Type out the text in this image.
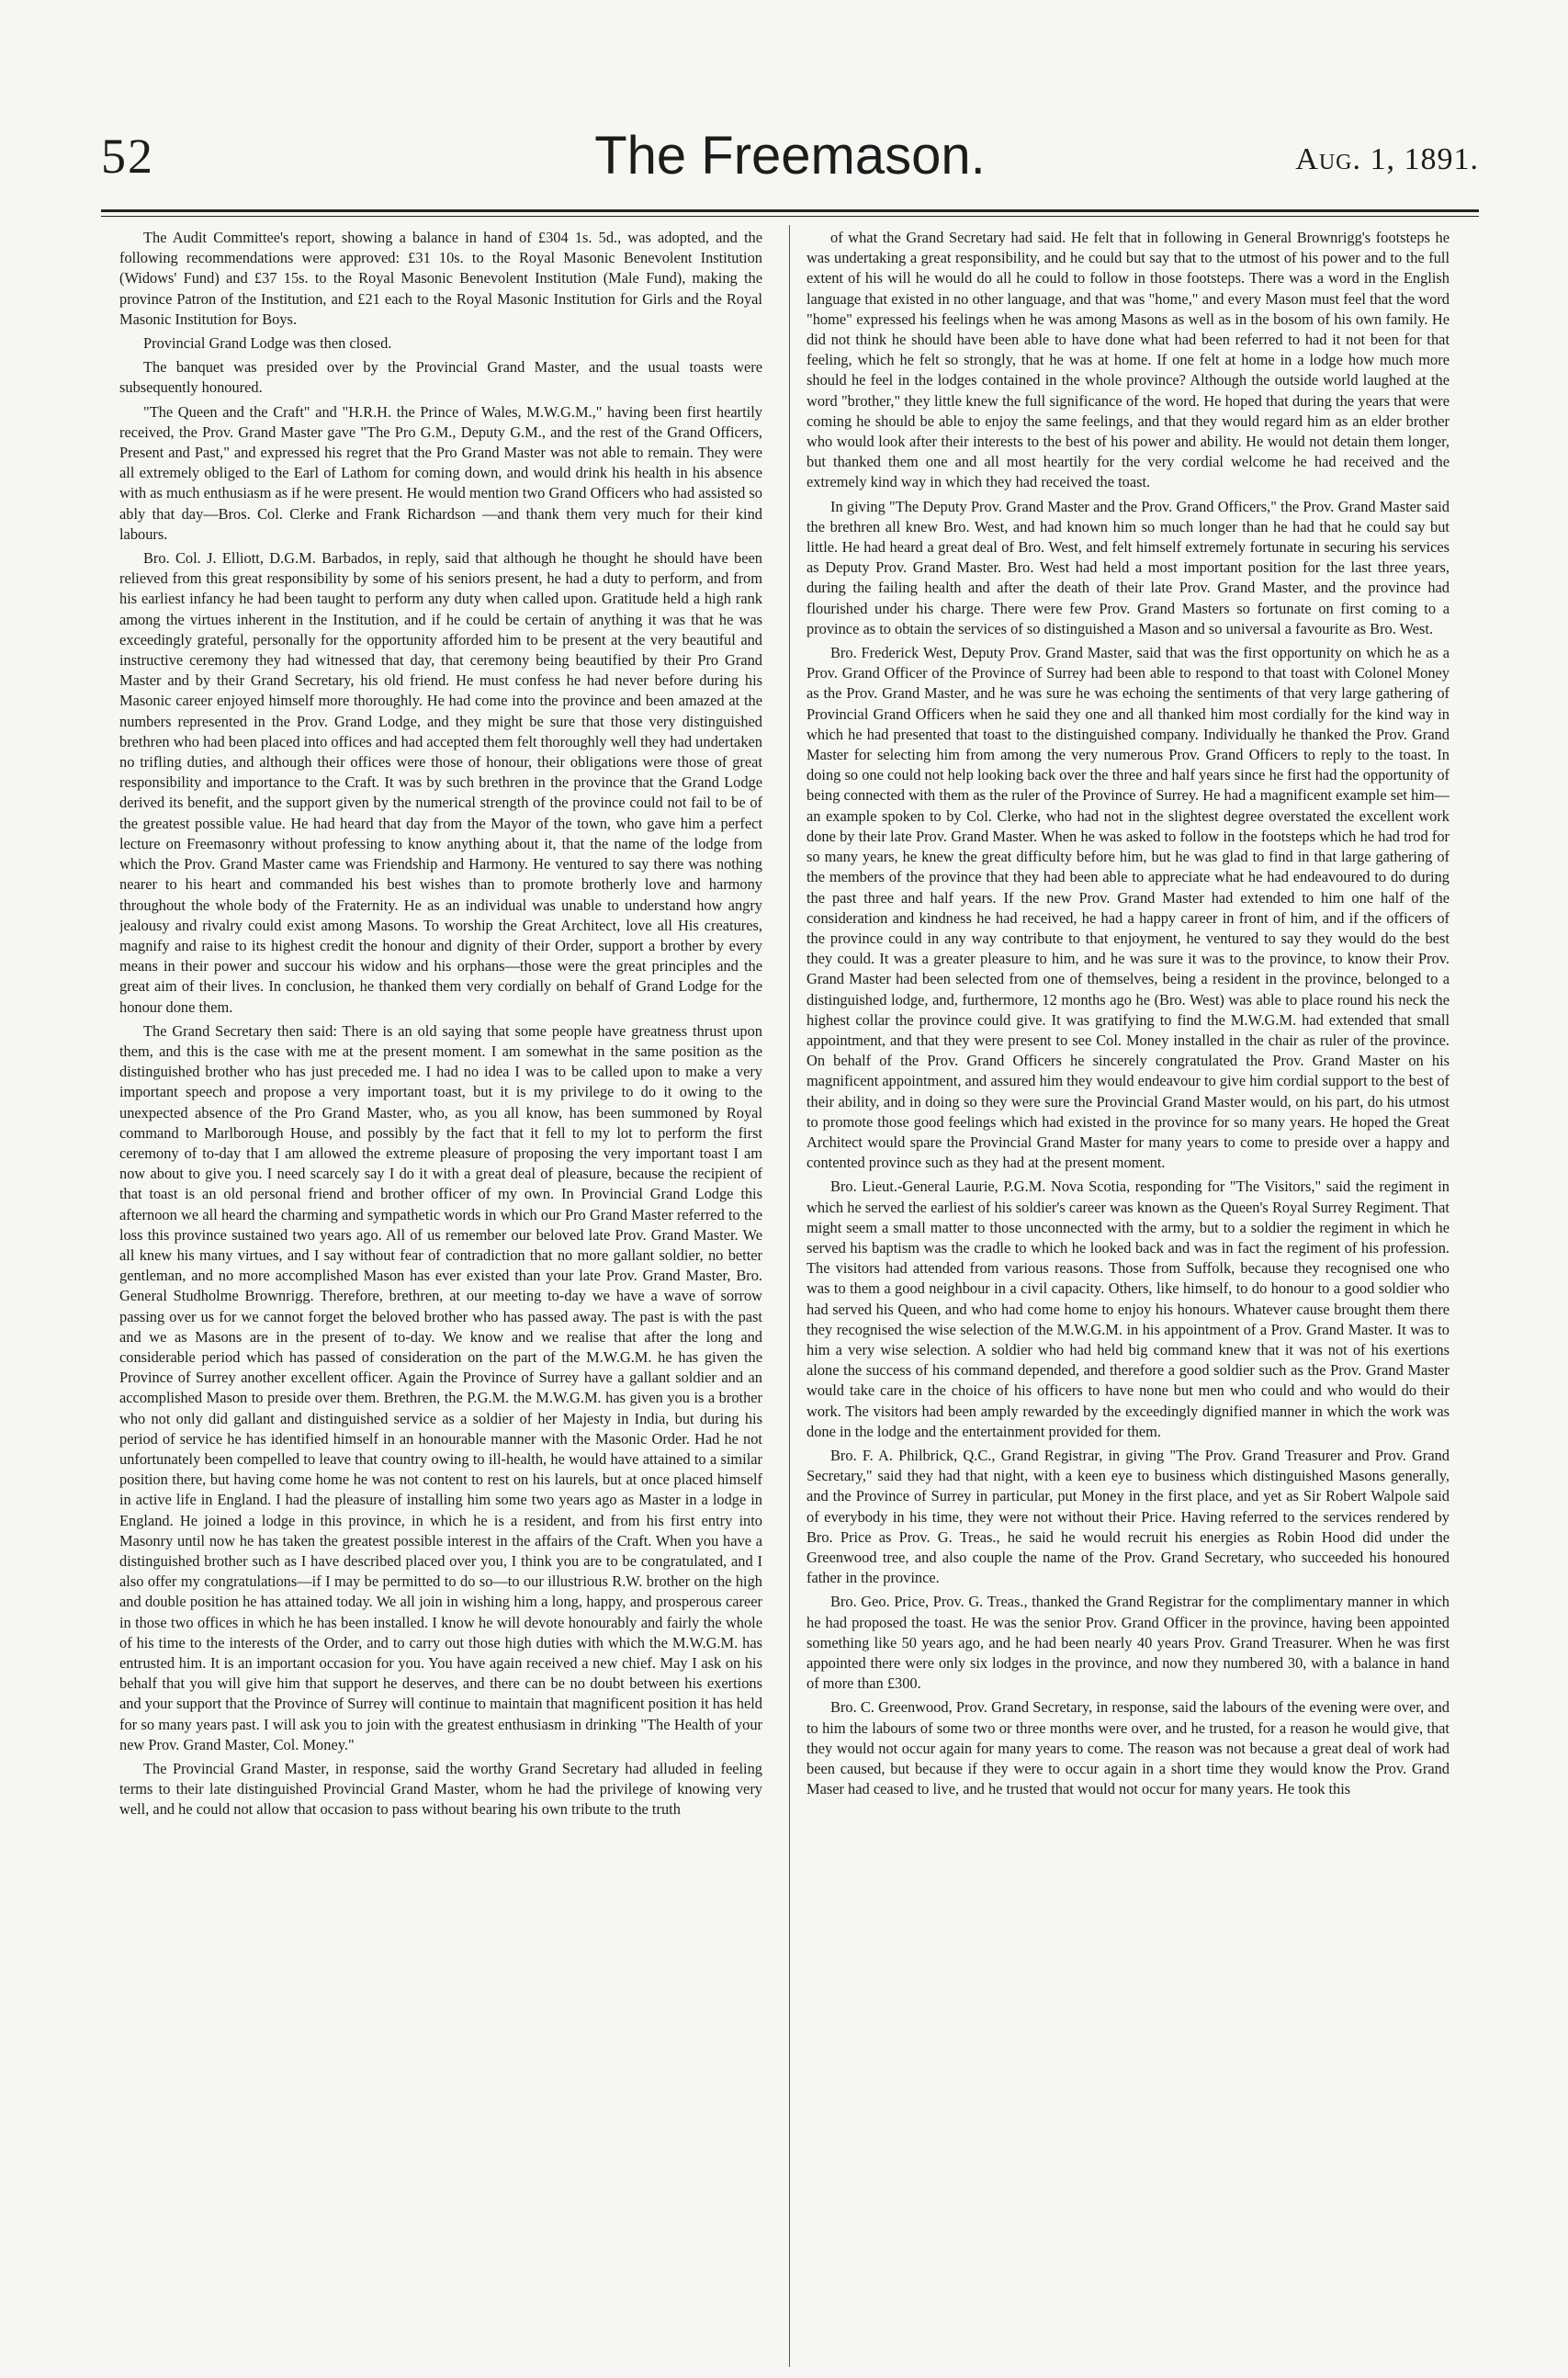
52	The Freemason.	Aug. 1, 1891.

The Audit Committee's report, showing a balance in hand of £304 1s. 5d., was adopted, and the following recommendations were approved: £31 10s. to the Royal Masonic Benevolent Institution (Widows' Fund) and £37 15s. to the Royal Masonic Benevolent Institution (Male Fund), making the province Patron of the Institution, and £21 each to the Royal Masonic Institution for Girls and the Royal Masonic Institution for Boys.

Provincial Grand Lodge was then closed.

The banquet was presided over by the Provincial Grand Master, and the usual toasts were subsequently honoured.

"The Queen and the Craft" and "H.R.H. the Prince of Wales, M.W.G.M.," having been first heartily received, the Prov. Grand Master gave "The Pro G.M., Deputy G.M., and the rest of the Grand Officers, Present and Past," and expressed his regret that the Pro Grand Master was not able to remain. They were all extremely obliged to the Earl of Lathom for coming down, and would drink his health in his absence with as much enthusiasm as if he were present. He would mention two Grand Officers who had assisted so ably that day—Bros. Col. Clerke and Frank Richardson —and thank them very much for their kind labours.

Bro. Col. J. Elliott, D.G.M. Barbados, in reply, said that although he thought he should have been relieved from this great responsibility by some of his seniors present, he had a duty to perform, and from his earliest infancy he had been taught to perform any duty when called upon. Gratitude held a high rank among the virtues inherent in the Institution, and if he could be certain of anything it was that he was exceedingly grateful, personally for the opportunity afforded him to be present at the very beautiful and instructive ceremony they had witnessed that day, that ceremony being beautified by their Pro Grand Master and by their Grand Secretary, his old friend. He must confess he had never before during his Masonic career enjoyed himself more thoroughly. He had come into the province and been amazed at the numbers represented in the Prov. Grand Lodge, and they might be sure that those very distinguished brethren who had been placed into offices and had accepted them felt thoroughly well they had undertaken no trifling duties, and although their offices were those of honour, their obligations were those of great responsibility and importance to the Craft. It was by such brethren in the province that the Grand Lodge derived its benefit, and the support given by the numerical strength of the province could not fail to be of the greatest possible value. He had heard that day from the Mayor of the town, who gave him a perfect lecture on Freemasonry without professing to know anything about it, that the name of the lodge from which the Prov. Grand Master came was Friendship and Harmony. He ventured to say there was nothing nearer to his heart and commanded his best wishes than to promote brotherly love and harmony throughout the whole body of the Fraternity. He as an individual was unable to understand how angry jealousy and rivalry could exist among Masons. To worship the Great Architect, love all His creatures, magnify and raise to its highest credit the honour and dignity of their Order, support a brother by every means in their power and succour his widow and his orphans—those were the great principles and the great aim of their lives. In conclusion, he thanked them very cordially on behalf of Grand Lodge for the honour done them.

The Grand Secretary then said: There is an old saying that some people have greatness thrust upon them, and this is the case with me at the present moment. I am somewhat in the same position as the distinguished brother who has just preceded me. I had no idea I was to be called upon to make a very important speech and propose a very important toast, but it is my privilege to do it owing to the unexpected absence of the Pro Grand Master, who, as you all know, has been summoned by Royal command to Marlborough House, and possibly by the fact that it fell to my lot to perform the first ceremony of to-day that I am allowed the extreme pleasure of proposing the very important toast I am now about to give you. I need scarcely say I do it with a great deal of pleasure, because the recipient of that toast is an old personal friend and brother officer of my own. In Provincial Grand Lodge this afternoon we all heard the charming and sympathetic words in which our Pro Grand Master referred to the loss this province sustained two years ago. All of us remember our beloved late Prov. Grand Master. We all knew his many virtues, and I say without fear of contradiction that no more gallant soldier, no better gentleman, and no more accomplished Mason has ever existed than your late Prov. Grand Master, Bro. General Studholme Brownrigg. Therefore, brethren, at our meeting to-day we have a wave of sorrow passing over us for we cannot forget the beloved brother who has passed away. The past is with the past and we as Masons are in the present of to-day. We know and we realise that after the long and considerable period which has passed of consideration on the part of the M.W.G.M. he has given the Province of Surrey another excellent officer. Again the Province of Surrey have a gallant soldier and an accomplished Mason to preside over them. Brethren, the P.G.M. the M.W.G.M. has given you is a brother who not only did gallant and distinguished service as a soldier of her Majesty in India, but during his period of service he has identified himself in an honourable manner with the Masonic Order. Had he not unfortunately been compelled to leave that country owing to ill-health, he would have attained to a similar position there, but having come home he was not content to rest on his laurels, but at once placed himself in active life in England. I had the pleasure of installing him some two years ago as Master in a lodge in England. He joined a lodge in this province, in which he is a resident, and from his first entry into Masonry until now he has taken the greatest possible interest in the affairs of the Craft. When you have a distinguished brother such as I have described placed over you, I think you are to be congratulated, and I also offer my congratulations—if I may be permitted to do so—to our illustrious R.W. brother on the high and double position he has attained today. We all join in wishing him a long, happy, and prosperous career in those two offices in which he has been installed. I know he will devote honourably and fairly the whole of his time to the interests of the Order, and to carry out those high duties with which the M.W.G.M. has entrusted him. It is an important occasion for you. You have again received a new chief. May I ask on his behalf that you will give him that support he deserves, and there can be no doubt between his exertions and your support that the Province of Surrey will continue to maintain that magnificent position it has held for so many years past. I will ask you to join with the greatest enthusiasm in drinking "The Health of your new Prov. Grand Master, Col. Money."

The Provincial Grand Master, in response, said the worthy Grand Secretary had alluded in feeling terms to their late distinguished Provincial Grand Master, whom he had the privilege of knowing very well, and he could not allow that occasion to pass without bearing his own tribute to the truth

of what the Grand Secretary had said. He felt that in following in General Brownrigg's footsteps he was undertaking a great responsibility, and he could but say that to the utmost of his power and to the full extent of his will he would do all he could to follow in those footsteps. There was a word in the English language that existed in no other language, and that was "home," and every Mason must feel that the word "home" expressed his feelings when he was among Masons as well as in the bosom of his own family. He did not think he should have been able to have done what had been referred to had it not been for that feeling, which he felt so strongly, that he was at home. If one felt at home in a lodge how much more should he feel in the lodges contained in the whole province? Although the outside world laughed at the word "brother," they little knew the full significance of the word. He hoped that during the years that were coming he should be able to enjoy the same feelings, and that they would regard him as an elder brother who would look after their interests to the best of his power and ability. He would not detain them longer, but thanked them one and all most heartily for the very cordial welcome he had received and the extremely kind way in which they had received the toast.

In giving "The Deputy Prov. Grand Master and the Prov. Grand Officers," the Prov. Grand Master said the brethren all knew Bro. West, and had known him so much longer than he had that he could say but little. He had heard a great deal of Bro. West, and felt himself extremely fortunate in securing his services as Deputy Prov. Grand Master. Bro. West had held a most important position for the last three years, during the failing health and after the death of their late Prov. Grand Master, and the province had flourished under his charge. There were few Prov. Grand Masters so fortunate on first coming to a province as to obtain the services of so distinguished a Mason and so universal a favourite as Bro. West.

Bro. Frederick West, Deputy Prov. Grand Master, said that was the first opportunity on which he as a Prov. Grand Officer of the Province of Surrey had been able to respond to that toast with Colonel Money as the Prov. Grand Master, and he was sure he was echoing the sentiments of that very large gathering of Provincial Grand Officers when he said they one and all thanked him most cordially for the kind way in which he had presented that toast to the distinguished company. Individually he thanked the Prov. Grand Master for selecting him from among the very numerous Prov. Grand Officers to reply to the toast. In doing so one could not help looking back over the three and half years since he first had the opportunity of being connected with them as the ruler of the Province of Surrey. He had a magnificent example set him—an example spoken to by Col. Clerke, who had not in the slightest degree overstated the excellent work done by their late Prov. Grand Master. When he was asked to follow in the footsteps which he had trod for so many years, he knew the great difficulty before him, but he was glad to find in that large gathering of the members of the province that they had been able to appreciate what he had endeavoured to do during the past three and half years. If the new Prov. Grand Master had extended to him one half of the consideration and kindness he had received, he had a happy career in front of him, and if the officers of the province could in any way contribute to that enjoyment, he ventured to say they would do the best they could. It was a greater pleasure to him, and he was sure it was to the province, to know their Prov. Grand Master had been selected from one of themselves, being a resident in the province, belonged to a distinguished lodge, and, furthermore, 12 months ago he (Bro. West) was able to place round his neck the highest collar the province could give. It was gratifying to find the M.W.G.M. had extended that small appointment, and that they were present to see Col. Money installed in the chair as ruler of the province. On behalf of the Prov. Grand Officers he sincerely congratulated the Prov. Grand Master on his magnificent appointment, and assured him they would endeavour to give him cordial support to the best of their ability, and in doing so they were sure the Provincial Grand Master would, on his part, do his utmost to promote those good feelings which had existed in the province for so many years. He hoped the Great Architect would spare the Provincial Grand Master for many years to come to preside over a happy and contented province such as they had at the present moment.

Bro. Lieut.-General Laurie, P.G.M. Nova Scotia, responding for "The Visitors," said the regiment in which he served the earliest of his soldier's career was known as the Queen's Royal Surrey Regiment. That might seem a small matter to those unconnected with the army, but to a soldier the regiment in which he served his baptism was the cradle to which he looked back and was in fact the regiment of his profession. The visitors had attended from various reasons. Those from Suffolk, because they recognised one who was to them a good neighbour in a civil capacity. Others, like himself, to do honour to a good soldier who had served his Queen, and who had come home to enjoy his honours. Whatever cause brought them there they recognised the wise selection of the M.W.G.M. in his appointment of a Prov. Grand Master. It was to him a very wise selection. A soldier who had held big command knew that it was not of his exertions alone the success of his command depended, and therefore a good soldier such as the Prov. Grand Master would take care in the choice of his officers to have none but men who could and who would do their work. The visitors had been amply rewarded by the exceedingly dignified manner in which the work was done in the lodge and the entertainment provided for them.

Bro. F. A. Philbrick, Q.C., Grand Registrar, in giving "The Prov. Grand Treasurer and Prov. Grand Secretary," said they had that night, with a keen eye to business which distinguished Masons generally, and the Province of Surrey in particular, put Money in the first place, and yet as Sir Robert Walpole said of everybody in his time, they were not without their Price. Having referred to the services rendered by Bro. Price as Prov. G. Treas., he said he would recruit his energies as Robin Hood did under the Greenwood tree, and also couple the name of the Prov. Grand Secretary, who succeeded his honoured father in the province.

Bro. Geo. Price, Prov. G. Treas., thanked the Grand Registrar for the complimentary manner in which he had proposed the toast. He was the senior Prov. Grand Officer in the province, having been appointed something like 50 years ago, and he had been nearly 40 years Prov. Grand Treasurer. When he was first appointed there were only six lodges in the province, and now they numbered 30, with a balance in hand of more than £300.

Bro. C. Greenwood, Prov. Grand Secretary, in response, said the labours of the evening were over, and to him the labours of some two or three months were over, and he trusted, for a reason he would give, that they would not occur again for many years to come. The reason was not because a great deal of work had been caused, but because if they were to occur again in a short time they would know the Prov. Grand Maser had ceased to live, and he trusted that would not occur for many years. He took this
